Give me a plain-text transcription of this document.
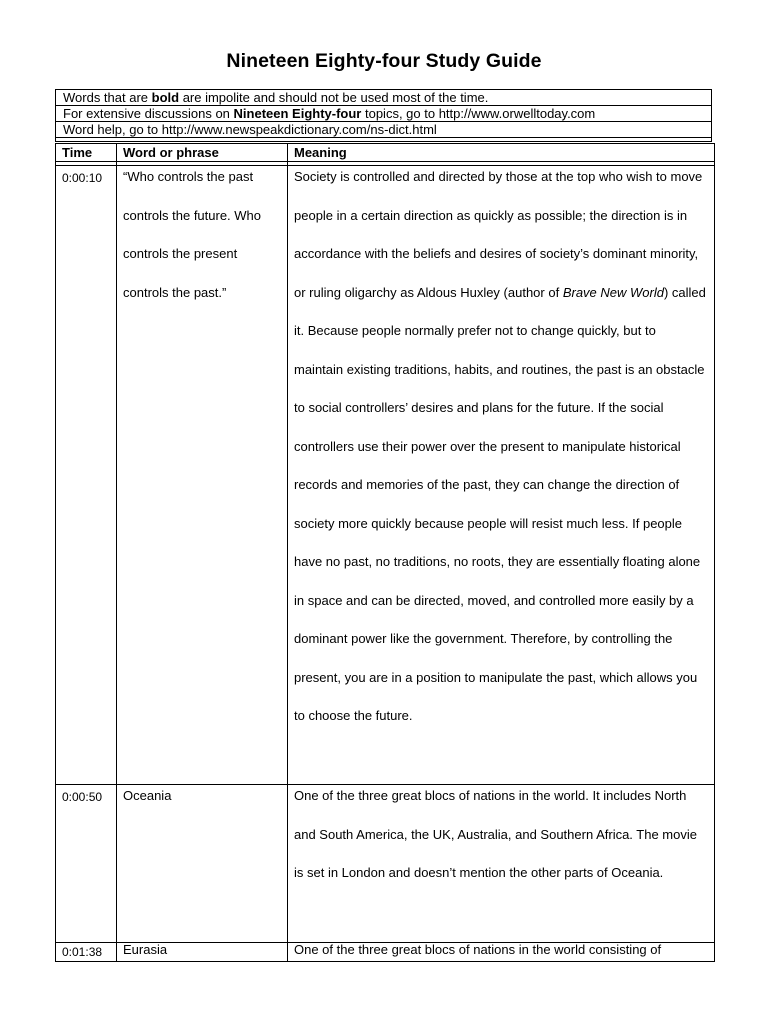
Nineteen Eighty-four Study Guide
Words that are bold are impolite and should not be used most of the time.
For extensive discussions on Nineteen Eighty-four topics, go to http://www.orwelltoday.com
Word help, go to http://www.newspeakdictionary.com/ns-dict.html

Time	Word or phrase	Meaning

0:00:10	“Who controls the past controls the future. Who controls the present controls the past.”	Society is controlled and directed by those at the top who wish to move people in a certain direction as quickly as possible; the direction is in accordance with the beliefs and desires of society’s dominant minority, or ruling oligarchy as Aldous Huxley (author of Brave New World) called it. Because people normally prefer not to change quickly, but to maintain existing traditions, habits, and routines, the past is an obstacle to social controllers’ desires and plans for the future. If the social controllers use their power over the present to manipulate historical records and memories of the past, they can change the direction of society more quickly because people will resist much less. If people have no past, no traditions, no roots, they are essentially floating alone in space and can be directed, moved, and controlled more easily by a dominant power like the government. Therefore, by controlling the present, you are in a position to manipulate the past, which allows you to choose the future.

0:00:50	Oceania	One of the three great blocs of nations in the world. It includes North and South America, the UK, Australia, and Southern Africa. The movie is set in London and doesn’t mention the other parts of Oceania.

0:01:38	Eurasia	One of the three great blocs of nations in the world consisting of
